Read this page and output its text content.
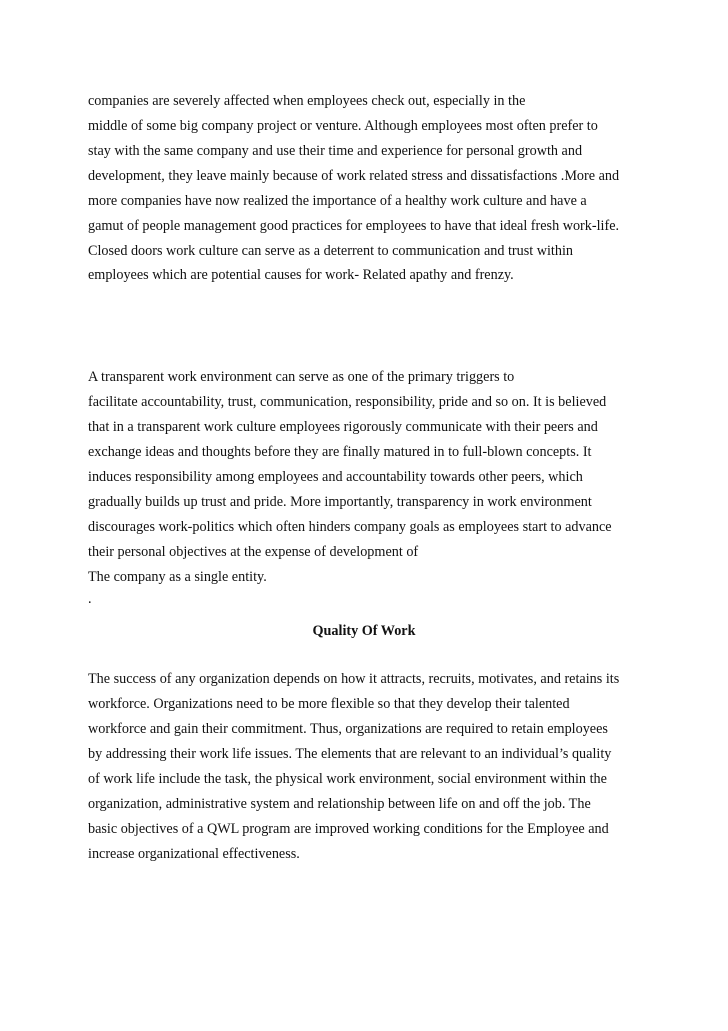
companies are severely affected when employees check out, especially in the
middle of some big company project or venture. Although employees most often prefer to
stay with the same company and use their time and experience for personal growth and
development, they leave mainly because of work related stress and dissatisfactions .More and
more companies have now realized the importance of a healthy work culture and have a
gamut of people management good practices for employees to have that ideal fresh work-life.
Closed doors work culture can serve as a deterrent to communication and trust within
employees which are potential causes for work- Related apathy and frenzy.
A transparent work environment can serve as one of the primary triggers to
facilitate accountability, trust, communication, responsibility, pride and so on. It is believed
that in a transparent work culture employees rigorously communicate with their peers and
exchange ideas and thoughts before they are finally matured in to full-blown concepts. It
induces responsibility among employees and accountability towards other peers, which
gradually builds up trust and pride. More importantly, transparency in work environment
discourages work-politics which often hinders company goals as employees start to advance
their personal objectives at the expense of development of
The company as a single entity.
.
Quality Of Work
The success of any organization depends on how it attracts, recruits, motivates, and retains its
workforce. Organizations need to be more flexible so that they develop their talented
workforce and gain their commitment. Thus, organizations are required to retain employees
by addressing their work life issues. The elements that are relevant to an individual’s quality
of work life include the task, the physical work environment, social environment within the
organization, administrative system and relationship between life on and off the job. The
basic objectives of a QWL program are improved working conditions for the Employee and
increase organizational effectiveness.
